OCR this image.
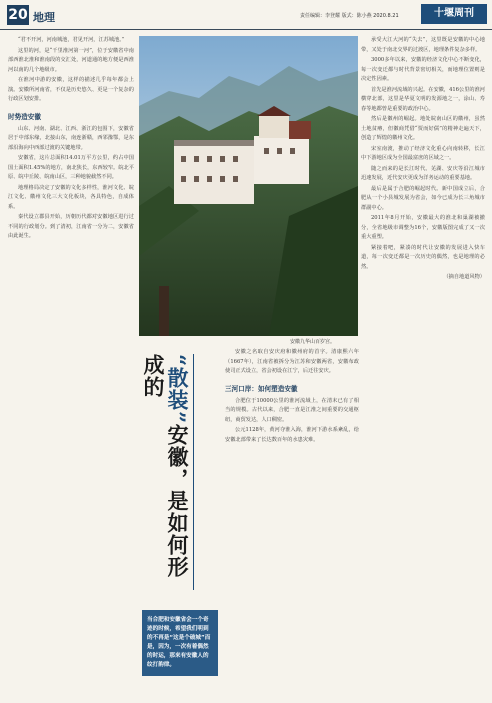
20 地理	责任编辑：李登耀 版式：陈小燕 2020.8.21	十堰周刊

“君不开河，河南城池，君见开河，江苏城池。”

这里的河，是“千里淮河第一河”，位于安徽省中南部西淮北淮和淮南段的交汇处，河道通的地方便是西淮河以南的几个地级市。

在淮河中游的安徽，这样的描述几乎每年都会上演。安徽所河南省，不仅是历史悠久、更是一个复杂的行政区划安排。

时势造安徽

山东、河南、湖北、江西、浙江的包围下，安徽省居于中部东缘，北接山东，南连浙赣，西邻豫鄂，是东部沿海向中西部过渡的关键地带。

安徽省，这片总面积14.01万平方公里，约占中国国土面积1.45%的地方，南北狭长，东西较窄。皖北平原、皖中丘陵、皖南山区，三种地貌截然不同。

地理格局决定了安徽的文化多样性，淮河文化、皖江文化、徽州文化三大文化板块，各具特色，自成体系。

秦代设立郡县开始，历朝历代都对安徽地区进行过不同的行政划分。到了清初，江南省一分为二，安徽省由此诞生。

安徽九华山百岁宫。
“散装”安徽，是如何形成的
当合肥和安徽省会一个奇迹的时候，希望我们明到的不再是“这是个破城”而是，因为，一次有着偶然的时运，那来有安徽人的纹打韵律。

安徽之名取自安庆府和徽州府的首字。清康熙六年（1667年），江南省被拆分为江苏和安徽两省，安徽布政使司正式设立，省会初设在江宁，后迁往安庆。

三河口岸：如何塑造安徽

合肥位于10000公里的淮河流域上，在清末已有了相当的规模。古代以来，合肥一直是江淮之间重要的交通枢纽，商贸发达，人口稠密。

公元1128年，黄河夺淮入海，淮河下游水系紊乱，给安徽北部带来了长达数百年的水患灾难。

承受大江大河的“失去”，这里既是安徽的中心地带，又处于南北交界的过渡区，地理条件复杂多样。

3000多年以来，安徽的经济文化中心不断变化，每一次变迁都与时代背景密切相关，而地理位置则是决定性因素。

首先是淮河流域的兴起。在安徽，416公里的淮河横穿北部，这里是华夏文明的发源地之一，涂山、寿春等地都曾是重要的政治中心。

然后是徽州的崛起。地处皖南山区的徽州，虽然土地贫瘠，但徽商凭借“贾而好儒”的精神走遍天下，创造了辉煌的徽州文化。

宋室南渡，推动了经济文化重心向南转移，长江中下游地区成为全国最富庶的区域之一。

随之而来的是长江时代。芜湖、安庆等沿江城市迅速发展，近代安庆更成为洋务运动的重要基地。

最后是属于合肥的崛起时代。新中国成立后，合肥从一个小县城发展为省会，如今已成为长三角城市群副中心。

2011年8月开始，安徽最大的淮北和巢湖被撤分，全省地级市调整为16个，安徽版图完成了又一次重大重塑。

紧接着吧，紧凑的时代让安徽的发展进入快车道，每一次变迁都是一次历史的偶然，也是地理的必然。

（摘自地道风物）
